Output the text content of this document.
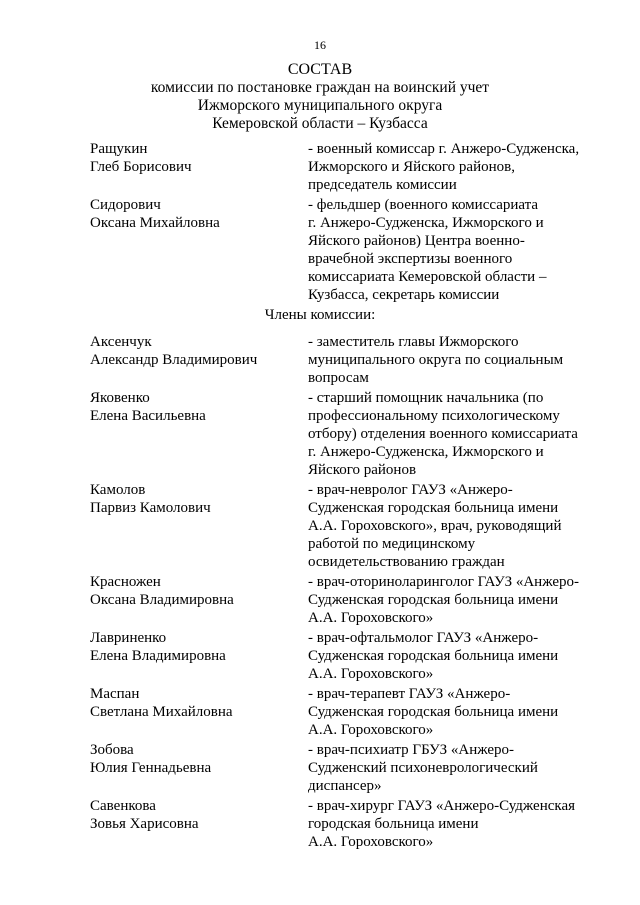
16
СОСТАВ
комиссии по постановке граждан на воинский учет
Ижморского муниципального округа
Кемеровской области – Кузбасса
Ращукин
Глеб Борисович
- военный комиссар г. Анжеро-Судженска,
Ижморского и Яйского районов,
председатель комиссии
Сидорович
Оксана Михайловна
- фельдшер (военного комиссариата
г. Анжеро-Судженска, Ижморского и
Яйского районов) Центра военно-
врачебной экспертизы военного
комиссариата Кемеровской области –
Кузбасса, секретарь комиссии
Члены комиссии:
Аксенчук
Александр Владимирович
- заместитель главы Ижморского
муниципального округа по социальным
вопросам
Яковенко
Елена Васильевна
- старший помощник начальника (по
профессиональному психологическому
отбору) отделения военного комиссариата
г. Анжеро-Судженска, Ижморского и
Яйского районов
Камолов
Парвиз Камолович
- врач-невролог ГАУЗ «Анжеро-
Судженская городская больница имени
А.А. Гороховского», врач, руководящий
работой по медицинскому
освидетельствованию граждан
Красножен
Оксана Владимировна
- врач-оториноларинголог ГАУЗ «Анжеро-
Судженская городская больница имени
А.А. Гороховского»
Лавриненко
Елена Владимировна
- врач-офтальмолог ГАУЗ «Анжеро-
Судженская городская больница имени
А.А. Гороховского»
Маспан
Светлана Михайловна
- врач-терапевт ГАУЗ «Анжеро-
Судженская городская больница имени
А.А. Гороховского»
Зобова
Юлия Геннадьевна
- врач-психиатр ГБУЗ «Анжеро-
Судженский психоневрологический
диспансер»
Савенкова
Зовья Харисовна
- врач-хирург ГАУЗ «Анжеро-Судженская
городская больница имени
А.А. Гороховского»
